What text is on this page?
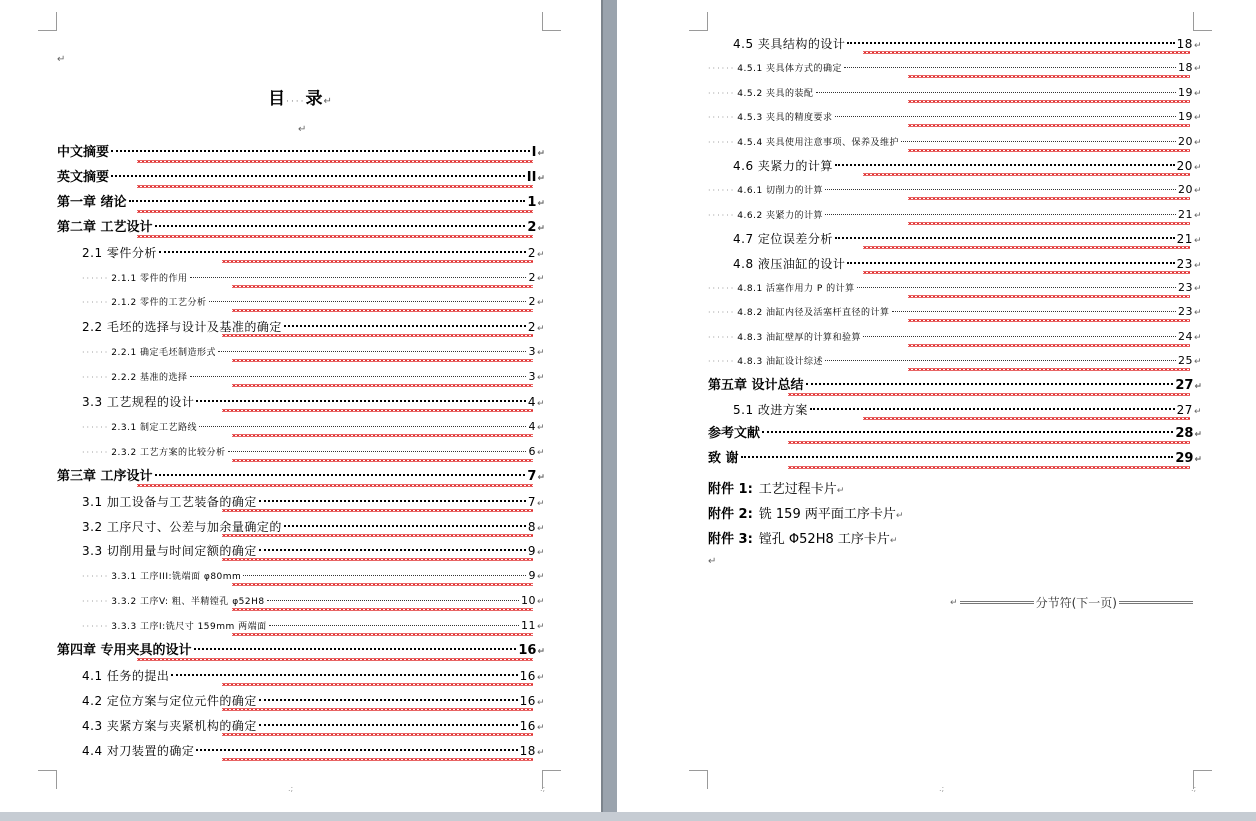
↵
目····录↵
↵
中文摘要	I ↵
英文摘要	II ↵
第一章 绪论	1 ↵
第二章 工艺设计	2 ↵
2.1 零件分析	2 ↵
······ 2.1.1 零件的作用	2 ↵
······ 2.1.2 零件的工艺分析	2 ↵
2.2 毛坯的选择与设计及基准的确定	2 ↵
······ 2.2.1 确定毛坯制造形式	3 ↵
······ 2.2.2 基准的选择	3 ↵
3.3 工艺规程的设计	4 ↵
······ 2.3.1 制定工艺路线	4 ↵
······ 2.3.2 工艺方案的比较分析	6 ↵
第三章 工序设计	7 ↵
3.1 加工设备与工艺装备的确定	7 ↵
3.2 工序尺寸、公差与加余量确定的	8 ↵
3.3 切削用量与时间定额的确定	9 ↵
······ 3.3.1 工序III:铣端面 φ80mm	9 ↵
······ 3.3.2 工序V: 粗、半精镗孔 φ52H8	10 ↵
······ 3.3.3 工序I:铣尺寸 159mm 两端面	11 ↵
第四章 专用夹具的设计	16 ↵
4.1 任务的提出	16 ↵
4.2 定位方案与定位元件的确定	16 ↵
4.3 夹紧方案与夹紧机构的确定	16 ↵
4.4 对刀装置的确定	18 ↵
.;	.;
4.5 夹具结构的设计	18 ↵
······ 4.5.1 夹具体方式的确定	18 ↵
······ 4.5.2 夹具的装配	19 ↵
······ 4.5.3 夹具的精度要求	19 ↵
······ 4.5.4 夹具使用注意事项、保养及维护	20 ↵
4.6 夹紧力的计算	20 ↵
······ 4.6.1 切削力的计算	20 ↵
······ 4.6.2 夹紧力的计算	21 ↵
4.7 定位误差分析	21 ↵
4.8 液压油缸的设计	23 ↵
······ 4.8.1 活塞作用力 P 的计算	23 ↵
······ 4.8.2 油缸内径及活塞杆直径的计算	23 ↵
······ 4.8.3 油缸壁厚的计算和验算	24 ↵
······ 4.8.3 油缸设计综述	25 ↵
第五章 设计总结	27 ↵
5.1 改进方案	27 ↵
参考文献	28 ↵
致 谢	29 ↵
附件 1: 工艺过程卡片↵
附件 2: 铣 159 两平面工序卡片↵
附件 3: 镗孔 Φ52H8 工序卡片↵
↵
.;	.;
↵	分节符(下一页)
